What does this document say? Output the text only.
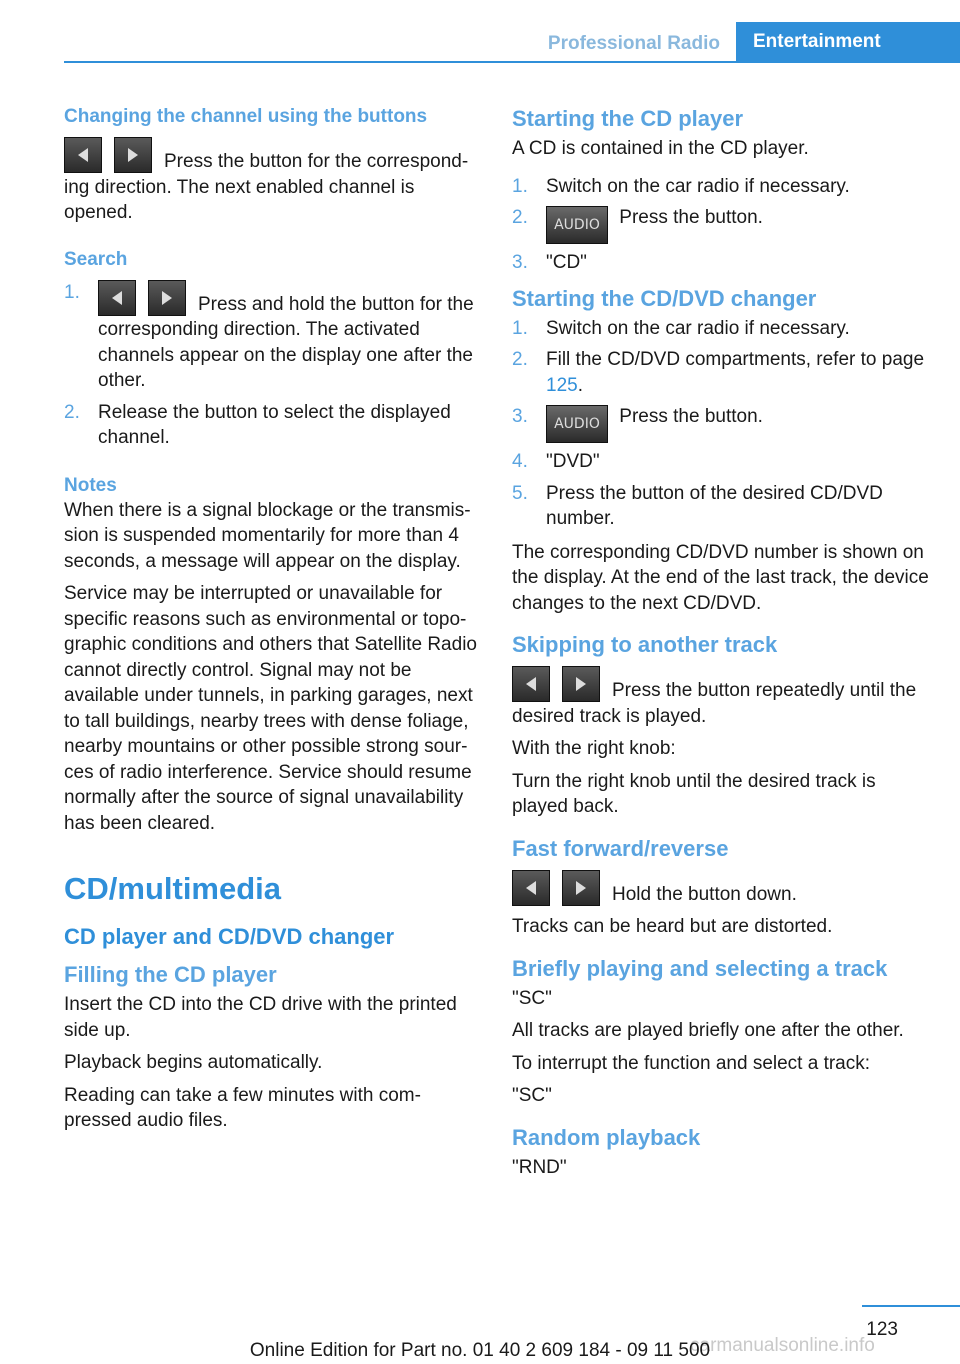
Professional Radio	Entertainment
Changing the channel using the buttons

Press the button for the correspond-ing direction. The next enabled channel is opened.

Search
1.
Press and hold the button for the corresponding direction. The activated channels appear on the display one after the other.
2. Release the button to select the displayed channel.
Notes

When there is a signal blockage or the transmis-sion is suspended momentarily for more than 4 seconds, a message will appear on the display.

Service may be interrupted or unavailable for specific reasons such as environmental or topo-graphic conditions and others that Satellite Radio cannot directly control. Signal may not be available under tunnels, in parking garages, next to tall buildings, nearby trees with dense foliage, nearby mountains or other possible strong sour-ces of radio interference. Service should resume normally after the source of signal unavailability has been cleared.

CD/multimedia
CD player and CD/DVD changer
Filling the CD player

Insert the CD into the CD drive with the printed side up.

Playback begins automatically.

Reading can take a few minutes with com-pressed audio files.

Starting the CD player

A CD is contained in the CD player.

1. Switch on the car radio if necessary.
2. AUDIO Press the button.
3. "CD"
Starting the CD/DVD changer
1. Switch on the car radio if necessary.
2. Fill the CD/DVD compartments, refer to page 125.
3. AUDIO Press the button.
4. "DVD"
5. Press the button of the desired CD/DVD number.

The corresponding CD/DVD number is shown on the display. At the end of the last track, the device changes to the next CD/DVD.

Skipping to another track

Press the button repeatedly until the desired track is played.

With the right knob:

Turn the right knob until the desired track is played back.

Fast forward/reverse

Hold the button down.

Tracks can be heard but are distorted.

Briefly playing and selecting a track

"SC"

All tracks are played briefly one after the other.

To interrupt the function and select a track:

"SC"

Random playback

"RND"

123
carmanualsonline.info
Online Edition for Part no. 01 40 2 609 184 - 09 11 500
